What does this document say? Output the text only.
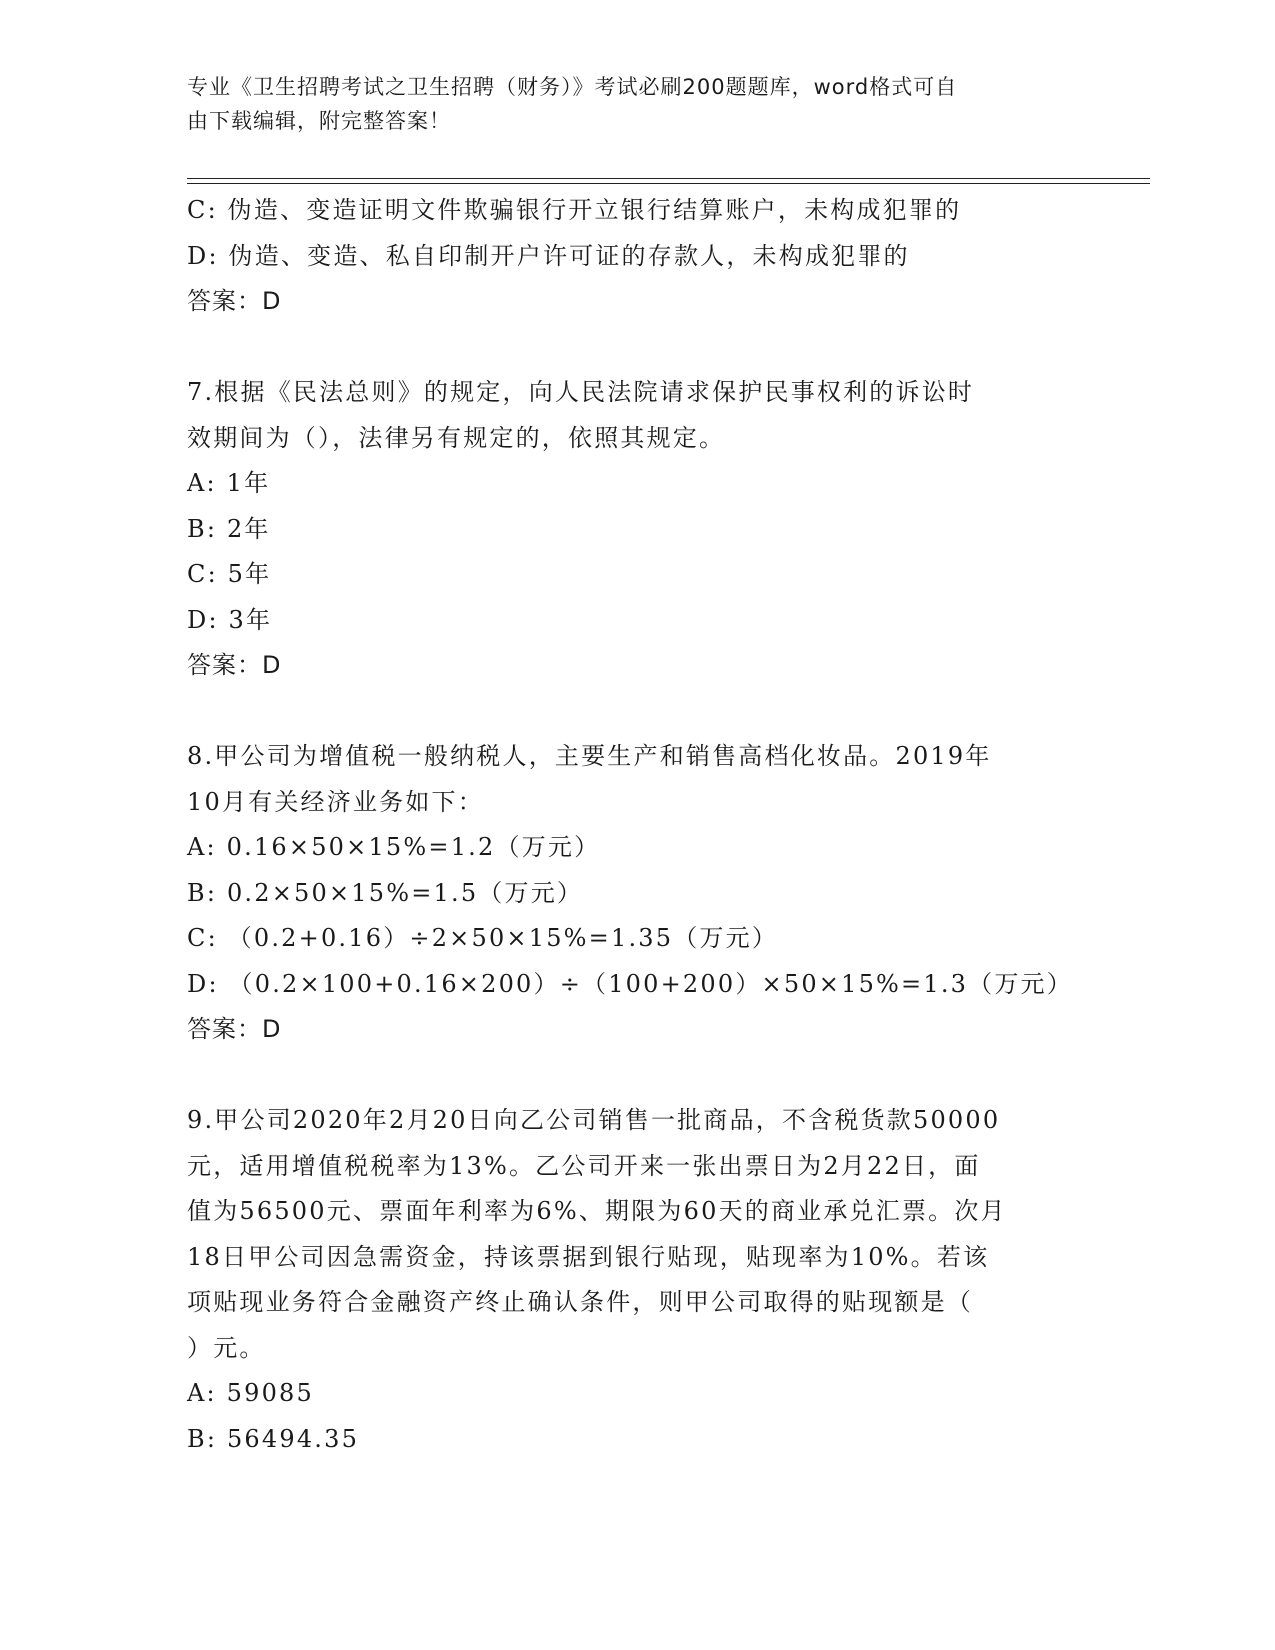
专业《卫生招聘考试之卫生招聘（财务）》考试必刷200题题库，word格式可自
由下载编辑，附完整答案！
C: 伪造、变造证明文件欺骗银行开立银行结算账户，未构成犯罪的
D: 伪造、变造、私自印制开户许可证的存款人，未构成犯罪的
答案：D
7.根据《民法总则》的规定，向人民法院请求保护民事权利的诉讼时
效期间为（），法律另有规定的，依照其规定。
A: 1年
B: 2年
C: 5年
D: 3年
答案：D
8.甲公司为增值税一般纳税人，主要生产和销售高档化妆品。2019年
10月有关经济业务如下：
A: 0.16×50×15%=1.2（万元）
B: 0.2×50×15%=1.5（万元）
C: （0.2+0.16）÷2×50×15%=1.35（万元）
D: （0.2×100+0.16×200）÷（100+200）×50×15%=1.3（万元）
答案：D
9.甲公司2020年2月20日向乙公司销售一批商品，不含税货款50000
元，适用增值税税率为13%。乙公司开来一张出票日为2月22日，面
值为56500元、票面年利率为6%、期限为60天的商业承兑汇票。次月
18日甲公司因急需资金，持该票据到银行贴现，贴现率为10%。若该
项贴现业务符合金融资产终止确认条件，则甲公司取得的贴现额是（
）元。
A: 59085
B: 56494.35
